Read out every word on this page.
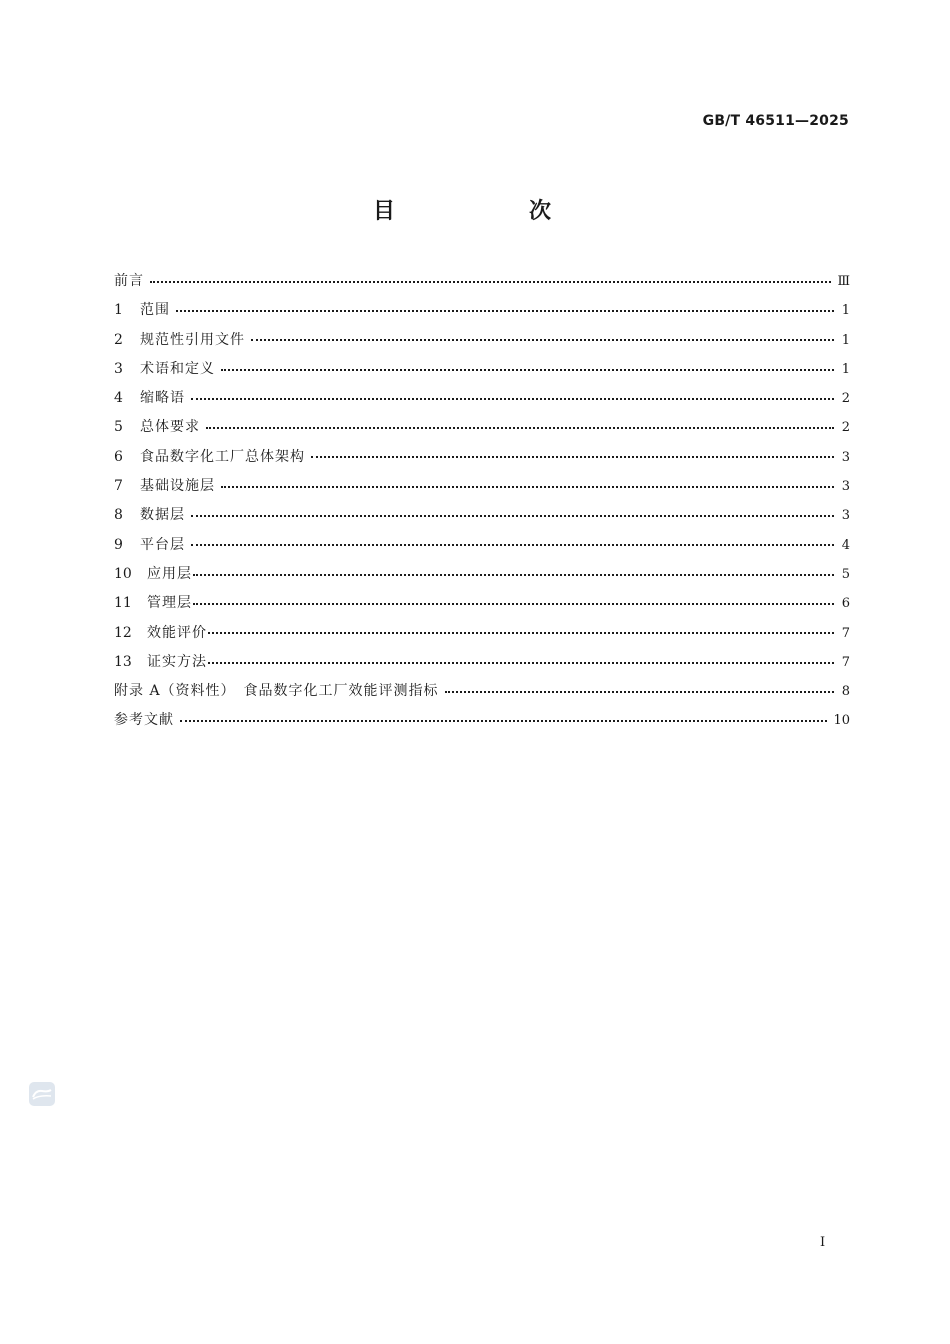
GB/T 46511—2025
目　次
前言	Ⅲ
1	范围	1
2	规范性引用文件	1
3	术语和定义	1
4	缩略语	2
5	总体要求	2
6	食品数字化工厂总体架构	3
7	基础设施层	3
8	数据层	3
9	平台层	4
10	应用层	5
11	管理层	6
12	效能评价	7
13	证实方法	7
附录 A（资料性）　食品数字化工厂效能评测指标	8
参考文献	10
I
